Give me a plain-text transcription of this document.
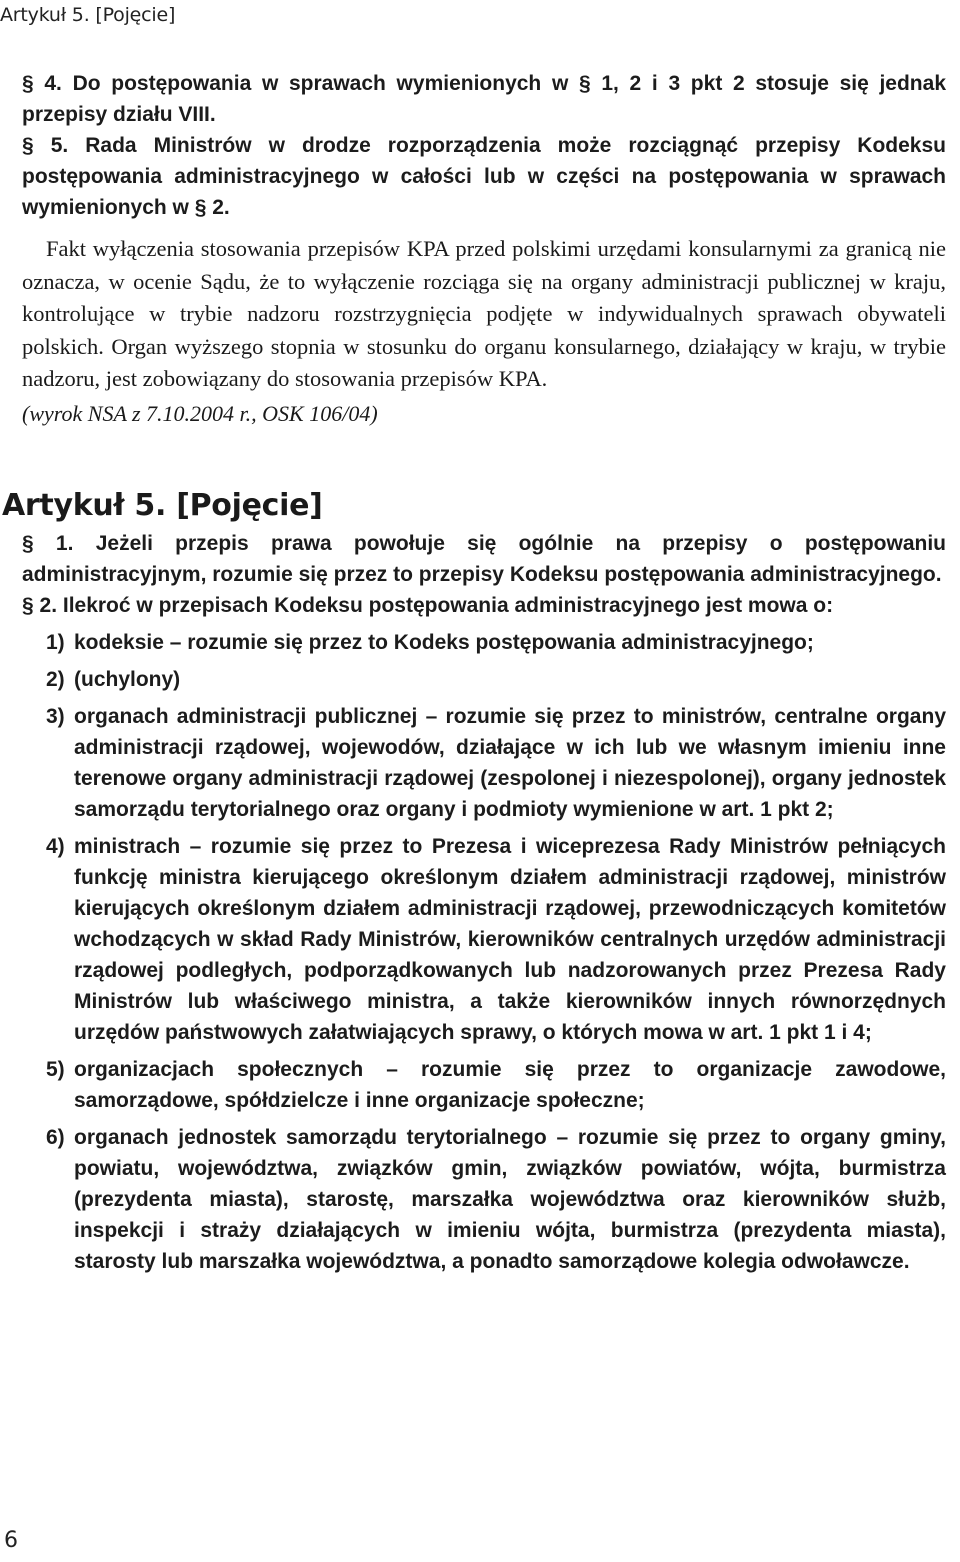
Artykuł 5. [Pojęcie]

§ 4. Do postępowania w sprawach wymienionych w § 1, 2 i 3 pkt 2 stosuje się jednak przepisy działu VIII.

§ 5. Rada Ministrów w drodze rozporządzenia może rozciągnąć przepisy Kodeksu postępowania administracyjnego w całości lub w części na postępowania w sprawach wymienionych w § 2.

Fakt wyłączenia stosowania przepisów KPA przed polskimi urzędami konsularnymi za granicą nie oznacza, w ocenie Sądu, że to wyłączenie rozciąga się na organy administracji publicznej w kraju, kontrolujące w trybie nadzoru rozstrzygnięcia podjęte w indywidualnych sprawach obywateli polskich. Organ wyższego stopnia w stosunku do organu konsularnego, działający w kraju, w trybie nadzoru, jest zobowiązany do stosowania przepisów KPA.

(wyrok NSA z 7.10.2004 r., OSK 106/04)

Artykuł 5. [Pojęcie]

§ 1. Jeżeli przepis prawa powołuje się ogólnie na przepisy o postępowaniu administracyjnym, rozumie się przez to przepisy Kodeksu postępowania administracyjnego.

§ 2. Ilekroć w przepisach Kodeksu postępowania administracyjnego jest mowa o:

1) kodeksie – rozumie się przez to Kodeks postępowania administracyjnego;
2) (uchylony)
3) organach administracji publicznej – rozumie się przez to ministrów, centralne organy administracji rządowej, wojewodów, działające w ich lub we własnym imieniu inne terenowe organy administracji rządowej (zespolonej i niezespolonej), organy jednostek samorządu terytorialnego oraz organy i podmioty wymienione w art. 1 pkt 2;
4) ministrach – rozumie się przez to Prezesa i wiceprezesa Rady Ministrów pełniących funkcję ministra kierującego określonym działem administracji rządowej, ministrów kierujących określonym działem administracji rządowej, przewodniczących komitetów wchodzących w skład Rady Ministrów, kierowników centralnych urzędów administracji rządowej podległych, podporządkowanych lub nadzorowanych przez Prezesa Rady Ministrów lub właściwego ministra, a także kierowników innych równorzędnych urzędów państwowych załatwiających sprawy, o których mowa w art. 1 pkt 1 i 4;
5) organizacjach społecznych – rozumie się przez to organizacje zawodowe, samorządowe, spółdzielcze i inne organizacje społeczne;
6) organach jednostek samorządu terytorialnego – rozumie się przez to organy gminy, powiatu, województwa, związków gmin, związków powiatów, wójta, burmistrza (prezydenta miasta), starostę, marszałka województwa oraz kierowników służb, inspekcji i straży działających w imieniu wójta, burmistrza (prezydenta miasta), starosty lub marszałka województwa, a ponadto samorządowe kolegia odwoławcze.
6
